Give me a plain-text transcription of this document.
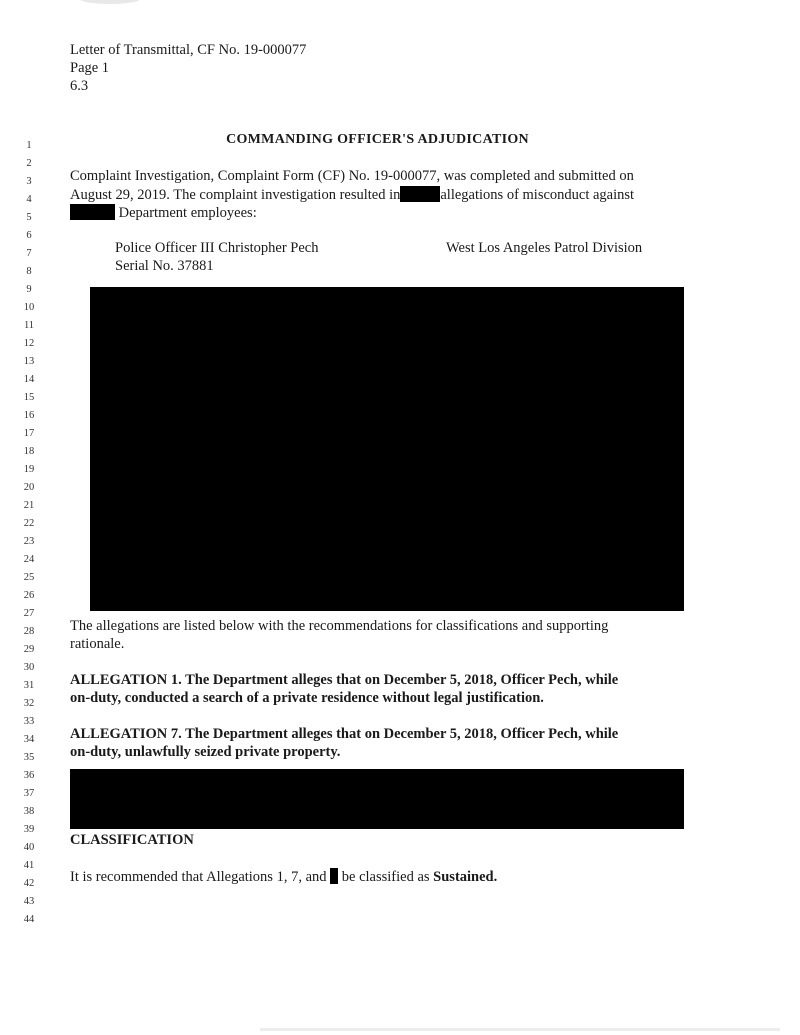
Letter of Transmittal, CF No. 19-000077
Page 1
6.3
1
2
3
4
5
6
7
8
9
10
11
12
13
14
15
16
17
18
19
20
21
22
23
24
25
26
27
28
29
30
31
32
33
34
35
36
37
38
39
40
41
42
43
44
COMMANDING OFFICER'S ADJUDICATION
Complaint Investigation, Complaint Form (CF) No. 19-000077, was completed and submitted on
August 29, 2019. The complaint investigation resulted in	allegations of misconduct against
Department employees:
Police Officer III Christopher Pech
Serial No. 37881
West Los Angeles Patrol Division
The allegations are listed below with the recommendations for classifications and supporting
rationale.
ALLEGATION 1. The Department alleges that on December 5, 2018, Officer Pech, while
on-duty, conducted a search of a private residence without legal justification.
ALLEGATION 7. The Department alleges that on December 5, 2018, Officer Pech, while
on-duty, unlawfully seized private property.
CLASSIFICATION
It is recommended that Allegations 1, 7, and be classified as Sustained.
